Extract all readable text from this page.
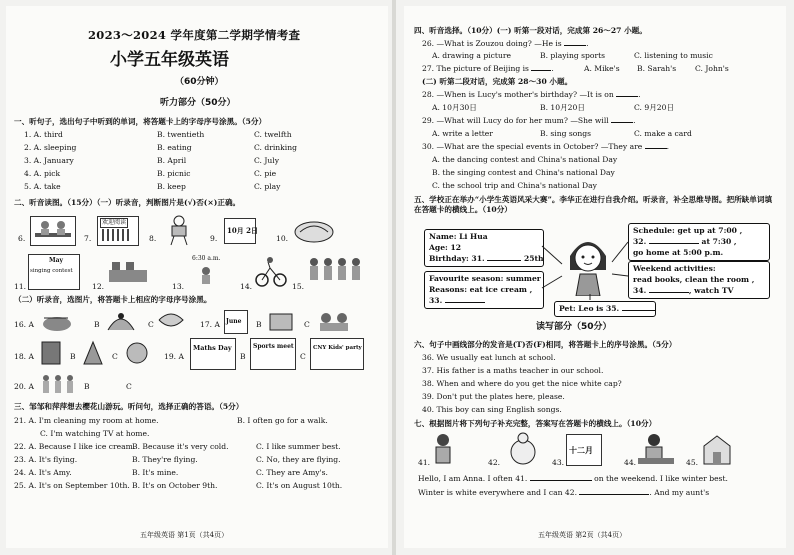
2023～2024 学年度第二学期学情考查
小学五年级英语
（60分钟）
听力部分（50分）
一、听句子，选出句子中听到的单词，将答题卡上的字母序号涂黑。（5分）
1. A. third	B. twentieth	C. twelfth
2. A. sleeping	B. eating	C. drinking
3. A. January	B. April	C. July
4. A. pick	B. picnic	C. pie
5. A. take	B. keep	C. play
二、听音读图。（15分）（一）听录音，判断图片是(√)否(×)正确。
6.	7.
欢迎阅读
8.	9.
10月 2日
10.
11.
May
singing contest
12.	13.
6:30 a.m.
14.	15.
（二）听录音，选图片，将答题卡上相应的字母序号涂黑。
16. A	B	C	17. A June B	C
18. A	B	C	19. A
Maths Day
B
Sports meet
C
CNY Kids' party
20. A	B	C
三、邹邹和萍萍想去樱花山游玩。听问句，选择正确的答语。（5分）
21. A. I'm cleaning my room at home.	B. I often go for a walk.
C. I'm watching TV at home.
22. A. Because I like ice cream.
B. Because it's very cold.	C. I like summer best.
23. A. It's flying.	B. They're flying.	C. No, they are flying.
24. A. It's Amy.	B. It's mine.	C. They are Amy's.
25. A. It's on September 10th. B. It's on October 9th.	C. It's on August 10th.
五年级英语 第1页（共4页）
四、听音选择。（10分）(一) 听第一段对话，完成第 26～27 小题。
26. —What is Zouzou doing? —He is	.
A. drawing a picture	B. playing sports	C. listening to music
27. The picture of Beijing is	.	A. Mike's B. Sarah's C. John's
(二) 听第二段对话，完成第 28～30 小题。
28. —When is Lucy's mother's birthday? —It is on	.
A. 10月30日	B. 10月20日	C. 9月20日
29. —What will Lucy do for her mum? —She will	.
A. write a letter	B. sing songs	C. make a card
30. —What are the special events in October? —They are	.
A. the dancing contest and China's national Day
B. the singing contest and China's national Day
C. the school trip and China's national Day
五、学校正在举办“小学生英语风采大赛”。李华正在进行自我介绍。听录音，补全思维导图。把所缺单词填在答题卡的横线上。（10分）
Name: Li Hua
Age: 12
Birthday: 31.	25th
Favourite season: summer
Reasons: eat ice cream ,
33.
Schedule: get up at 7:00 ,
32.	at 7:30 ,
go home at 5:00 p.m.
Weekend activities:
read books, clean the room ,
34.	, watch TV
Pet: Leo is 35.
读写部分（50分）
六、句子中画线部分的发音是(T)否(F)相同，将答题卡上的序号涂黑。（5分）
36. We usually eat lunch at school.
37. His father is a maths teacher in our school.
38. When and where do you get the nice white cap?
39. Don't put the plates here, please.
40. This boy can sing English songs.
七、根据图片将下列句子补充完整，答案写在答题卡的横线上。（10分）
41.	42.	43.
十二月
44.	45.
Hello, I am Anna. I often 41.	on the weekend. I like winter best.
Winter is white everywhere and I can 42.	. And my aunt's
五年级英语 第2页（共4页）
